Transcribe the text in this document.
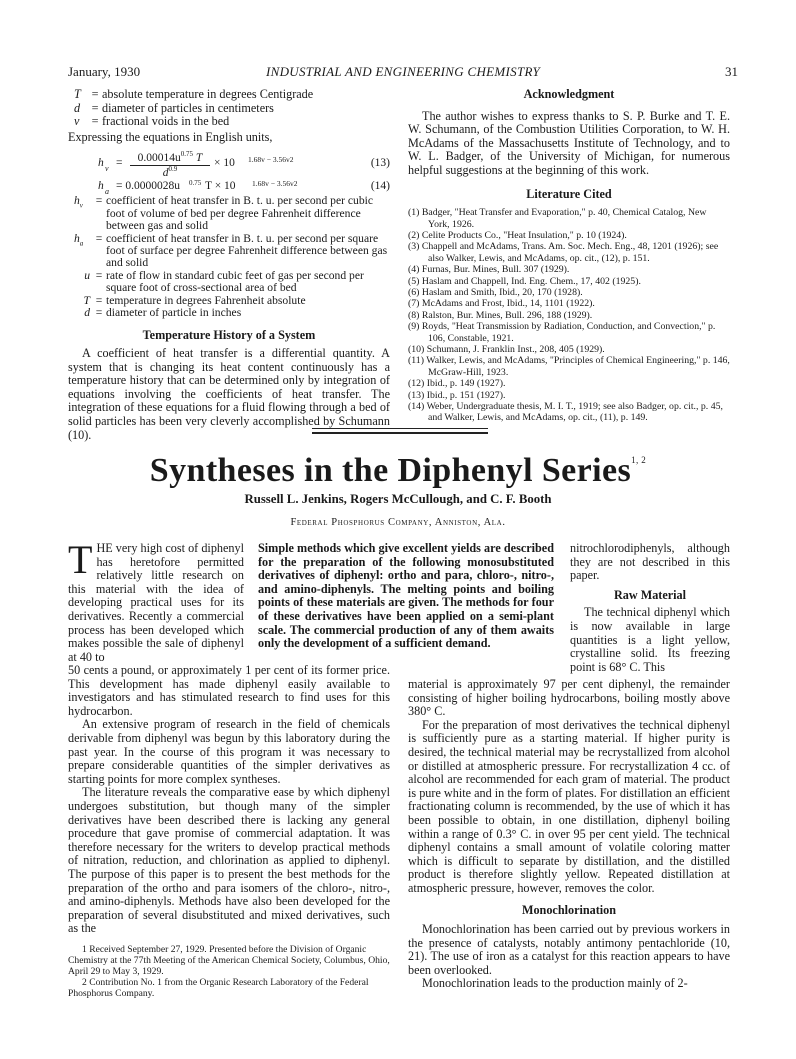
January, 1930	INDUSTRIAL AND ENGINEERING CHEMISTRY	31
T = absolute temperature in degrees Centigrade
d = diameter of particles in centimeters
v = fractional voids in the bed
Expressing the equations in English units,
h v =	$0.00014u^{0.75}$ T
$d^{0.9}$	× 10 1.68v − 3.56v2	(13)
h a = 0.0000028u 0.75 T × 10 1.68v − 3.56v2	(14)
$h_v$	= coefficient of heat transfer in B. t. u. per second per cubic foot of volume of bed per degree Fahrenheit difference between gas and solid
$h_a$	= coefficient of heat transfer in B. t. u. per second per square foot of surface per degree Fahrenheit difference between gas and solid
u = rate of flow in standard cubic feet of gas per second per square foot of cross-sectional area of bed
T = temperature in degrees Fahrenheit absolute
d = diameter of particle in inches
Temperature History of a System

A coefficient of heat transfer is a differential quantity. A system that is changing its heat content continuously has a temperature history that can be determined only by integration of equations involving the coefficients of heat transfer. The integration of these equations for a fluid flowing through a bed of solid particles has been very cleverly accomplished by Schumann (10).

Acknowledgment

The author wishes to express thanks to S. P. Burke and T. E. W. Schumann, of the Combustion Utilities Corporation, to W. H. McAdams of the Massachusetts Institute of Technology, and to W. L. Badger, of the University of Michigan, for numerous helpful suggestions at the beginning of this work.

Literature Cited
(1) Badger, "Heat Transfer and Evaporation," p. 40, Chemical Catalog, New York, 1926.
(2) Celite Products Co., "Heat Insulation," p. 10 (1924).
(3) Chappell and McAdams, Trans. Am. Soc. Mech. Eng., 48, 1201 (1926); see also Walker, Lewis, and McAdams, op. cit., (12), p. 151.
(4) Furnas, Bur. Mines, Bull. 307 (1929).
(5) Haslam and Chappell, Ind. Eng. Chem., 17, 402 (1925).
(6) Haslam and Smith, Ibid., 20, 170 (1928).
(7) McAdams and Frost, Ibid., 14, 1101 (1922).
(8) Ralston, Bur. Mines, Bull. 296, 188 (1929).
(9) Royds, "Heat Transmission by Radiation, Conduction, and Convection," p. 106, Constable, 1921.
(10) Schumann, J. Franklin Inst., 208, 405 (1929).
(11) Walker, Lewis, and McAdams, "Principles of Chemical Engineering," p. 146, McGraw-Hill, 1923.
(12) Ibid., p. 149 (1927).
(13) Ibid., p. 151 (1927).
(14) Weber, Undergraduate thesis, M. I. T., 1919; see also Badger, op. cit., p. 45, and Walker, Lewis, and McAdams, op. cit., (11), p. 149.
Syntheses in the Diphenyl Series$^{1, 2}$
Russell L. Jenkins, Rogers McCullough, and C. F. Booth
Federal Phosphorus Company, Anniston, Ala.
THE very high cost of diphenyl has heretofore permitted relatively little research on this material with the idea of developing practical uses for its derivatives. Recently a commercial process has been developed which makes possible the sale of diphenyl at 40 to
Simple methods which give excellent yields are described for the preparation of the following monosubstituted derivatives of diphenyl: ortho and para, chloro-, nitro-, and amino-diphenyls. The melting points and boiling points of these materials are given. The methods for four of these derivatives have been applied on a semi-plant scale. The commercial production of any of them awaits only the development of a sufficient demand.
nitrochlorodiphenyls, although they are not described in this paper.
Raw Material

The technical diphenyl which is now available in large quantities is a light yellow, crystalline solid. Its freezing point is 68° C. This

50 cents a pound, or approximately 1 per cent of its former price. This development has made diphenyl easily available to investigators and has stimulated research to find uses for this hydrocarbon.

An extensive program of research in the field of chemicals derivable from diphenyl was begun by this laboratory during the past year. In the course of this program it was necessary to prepare considerable quantities of the simpler derivatives as starting points for more complex syntheses.

The literature reveals the comparative ease by which diphenyl undergoes substitution, but though many of the simpler derivatives have been described there is lacking any general procedure that gave promise of commercial adaptation. It was therefore necessary for the writers to develop practical methods of nitration, reduction, and chlorination as applied to diphenyl. The purpose of this paper is to present the best methods for the preparation of the ortho and para isomers of the chloro-, nitro-, and amino-diphenyls. Methods have also been developed for the preparation of several disubstituted and mixed derivatives, such as the

1 Received September 27, 1929. Presented before the Division of Organic Chemistry at the 77th Meeting of the American Chemical Society, Columbus, Ohio, April 29 to May 3, 1929.
2 Contribution No. 1 from the Organic Research Laboratory of the Federal Phosphorus Company.

material is approximately 97 per cent diphenyl, the remainder consisting of higher boiling hydrocarbons, boiling mostly above 380° C.

For the preparation of most derivatives the technical diphenyl is sufficiently pure as a starting material. If higher purity is desired, the technical material may be recrystallized from alcohol or distilled at atmospheric pressure. For recrystallization 4 cc. of alcohol are recommended for each gram of material. The product is pure white and in the form of plates. For distillation an efficient fractionating column is recommended, by the use of which it has been possible to obtain, in one distillation, diphenyl boiling within a range of 0.3° C. in over 95 per cent yield. The technical diphenyl contains a small amount of volatile coloring matter which is difficult to separate by distillation, and the distilled product is therefore slightly yellow. Repeated distillation at atmospheric pressure, however, removes the color.

Monochlorination

Monochlorination has been carried out by previous workers in the presence of catalysts, notably antimony pentachloride (10, 21). The use of iron as a catalyst for this reaction appears to have been overlooked.

Monochlorination leads to the production mainly of 2-
